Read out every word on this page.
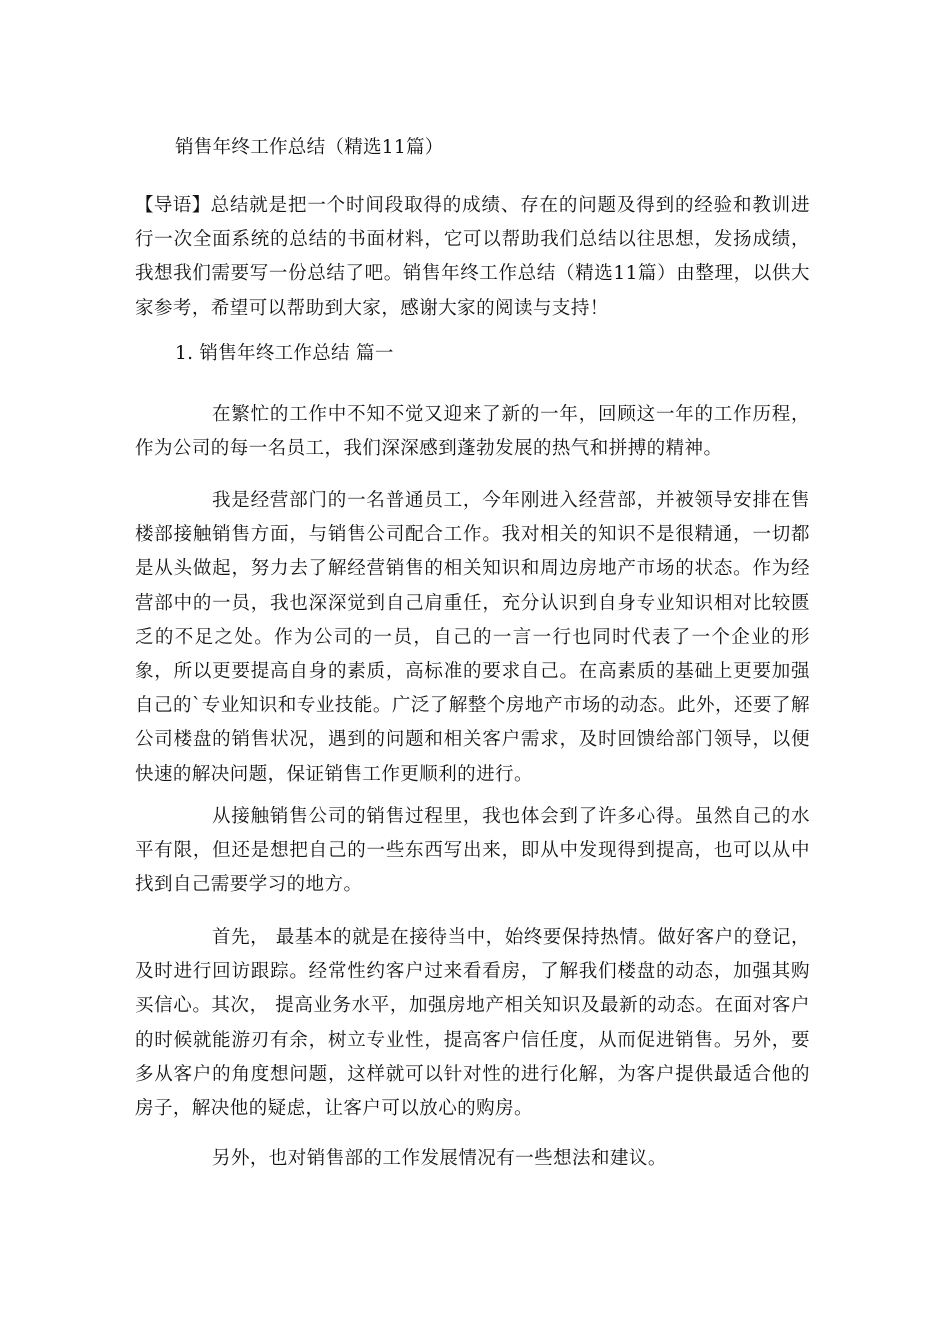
销售年终工作总结（精选11篇）

【导语】总结就是把一个时间段取得的成绩、存在的问题及得到的经验和教训进行一次全面系统的总结的书面材料，它可以帮助我们总结以往思想，发扬成绩，我想我们需要写一份总结了吧。销售年终工作总结（精选11篇）由整理，以供大家参考，希望可以帮助到大家，感谢大家的阅读与支持！

1. 销售年终工作总结 篇一

在繁忙的工作中不知不觉又迎来了新的一年，回顾这一年的工作历程，作为公司的每一名员工，我们深深感到蓬勃发展的热气和拼搏的精神。

我是经营部门的一名普通员工，今年刚进入经营部，并被领导安排在售楼部接触销售方面，与销售公司配合工作。我对相关的知识不是很精通，一切都是从头做起，努力去了解经营销售的相关知识和周边房地产市场的状态。作为经营部中的一员，我也深深觉到自己肩重任，充分认识到自身专业知识相对比较匮乏的不足之处。作为公司的一员，自己的一言一行也同时代表了一个企业的形象，所以更要提高自身的素质，高标准的要求自己。在高素质的基础上更要加强自己的`专业知识和专业技能。广泛了解整个房地产市场的动态。此外，还要了解公司楼盘的销售状况，遇到的问题和相关客户需求，及时回馈给部门领导，以便快速的解决问题，保证销售工作更顺利的进行。

从接触销售公司的销售过程里，我也体会到了许多心得。虽然自己的水平有限，但还是想把自己的一些东西写出来，即从中发现得到提高，也可以从中找到自己需要学习的地方。

首先， 最基本的就是在接待当中，始终要保持热情。做好客户的登记，及时进行回访跟踪。经常性约客户过来看看房，了解我们楼盘的动态，加强其购买信心。其次， 提高业务水平，加强房地产相关知识及最新的动态。在面对客户的时候就能游刃有余，树立专业性，提高客户信任度，从而促进销售。另外，要多从客户的角度想问题，这样就可以针对性的进行化解，为客户提供最适合他的房子，解决他的疑虑，让客户可以放心的购房。

另外，也对销售部的工作发展情况有一些想法和建议。
